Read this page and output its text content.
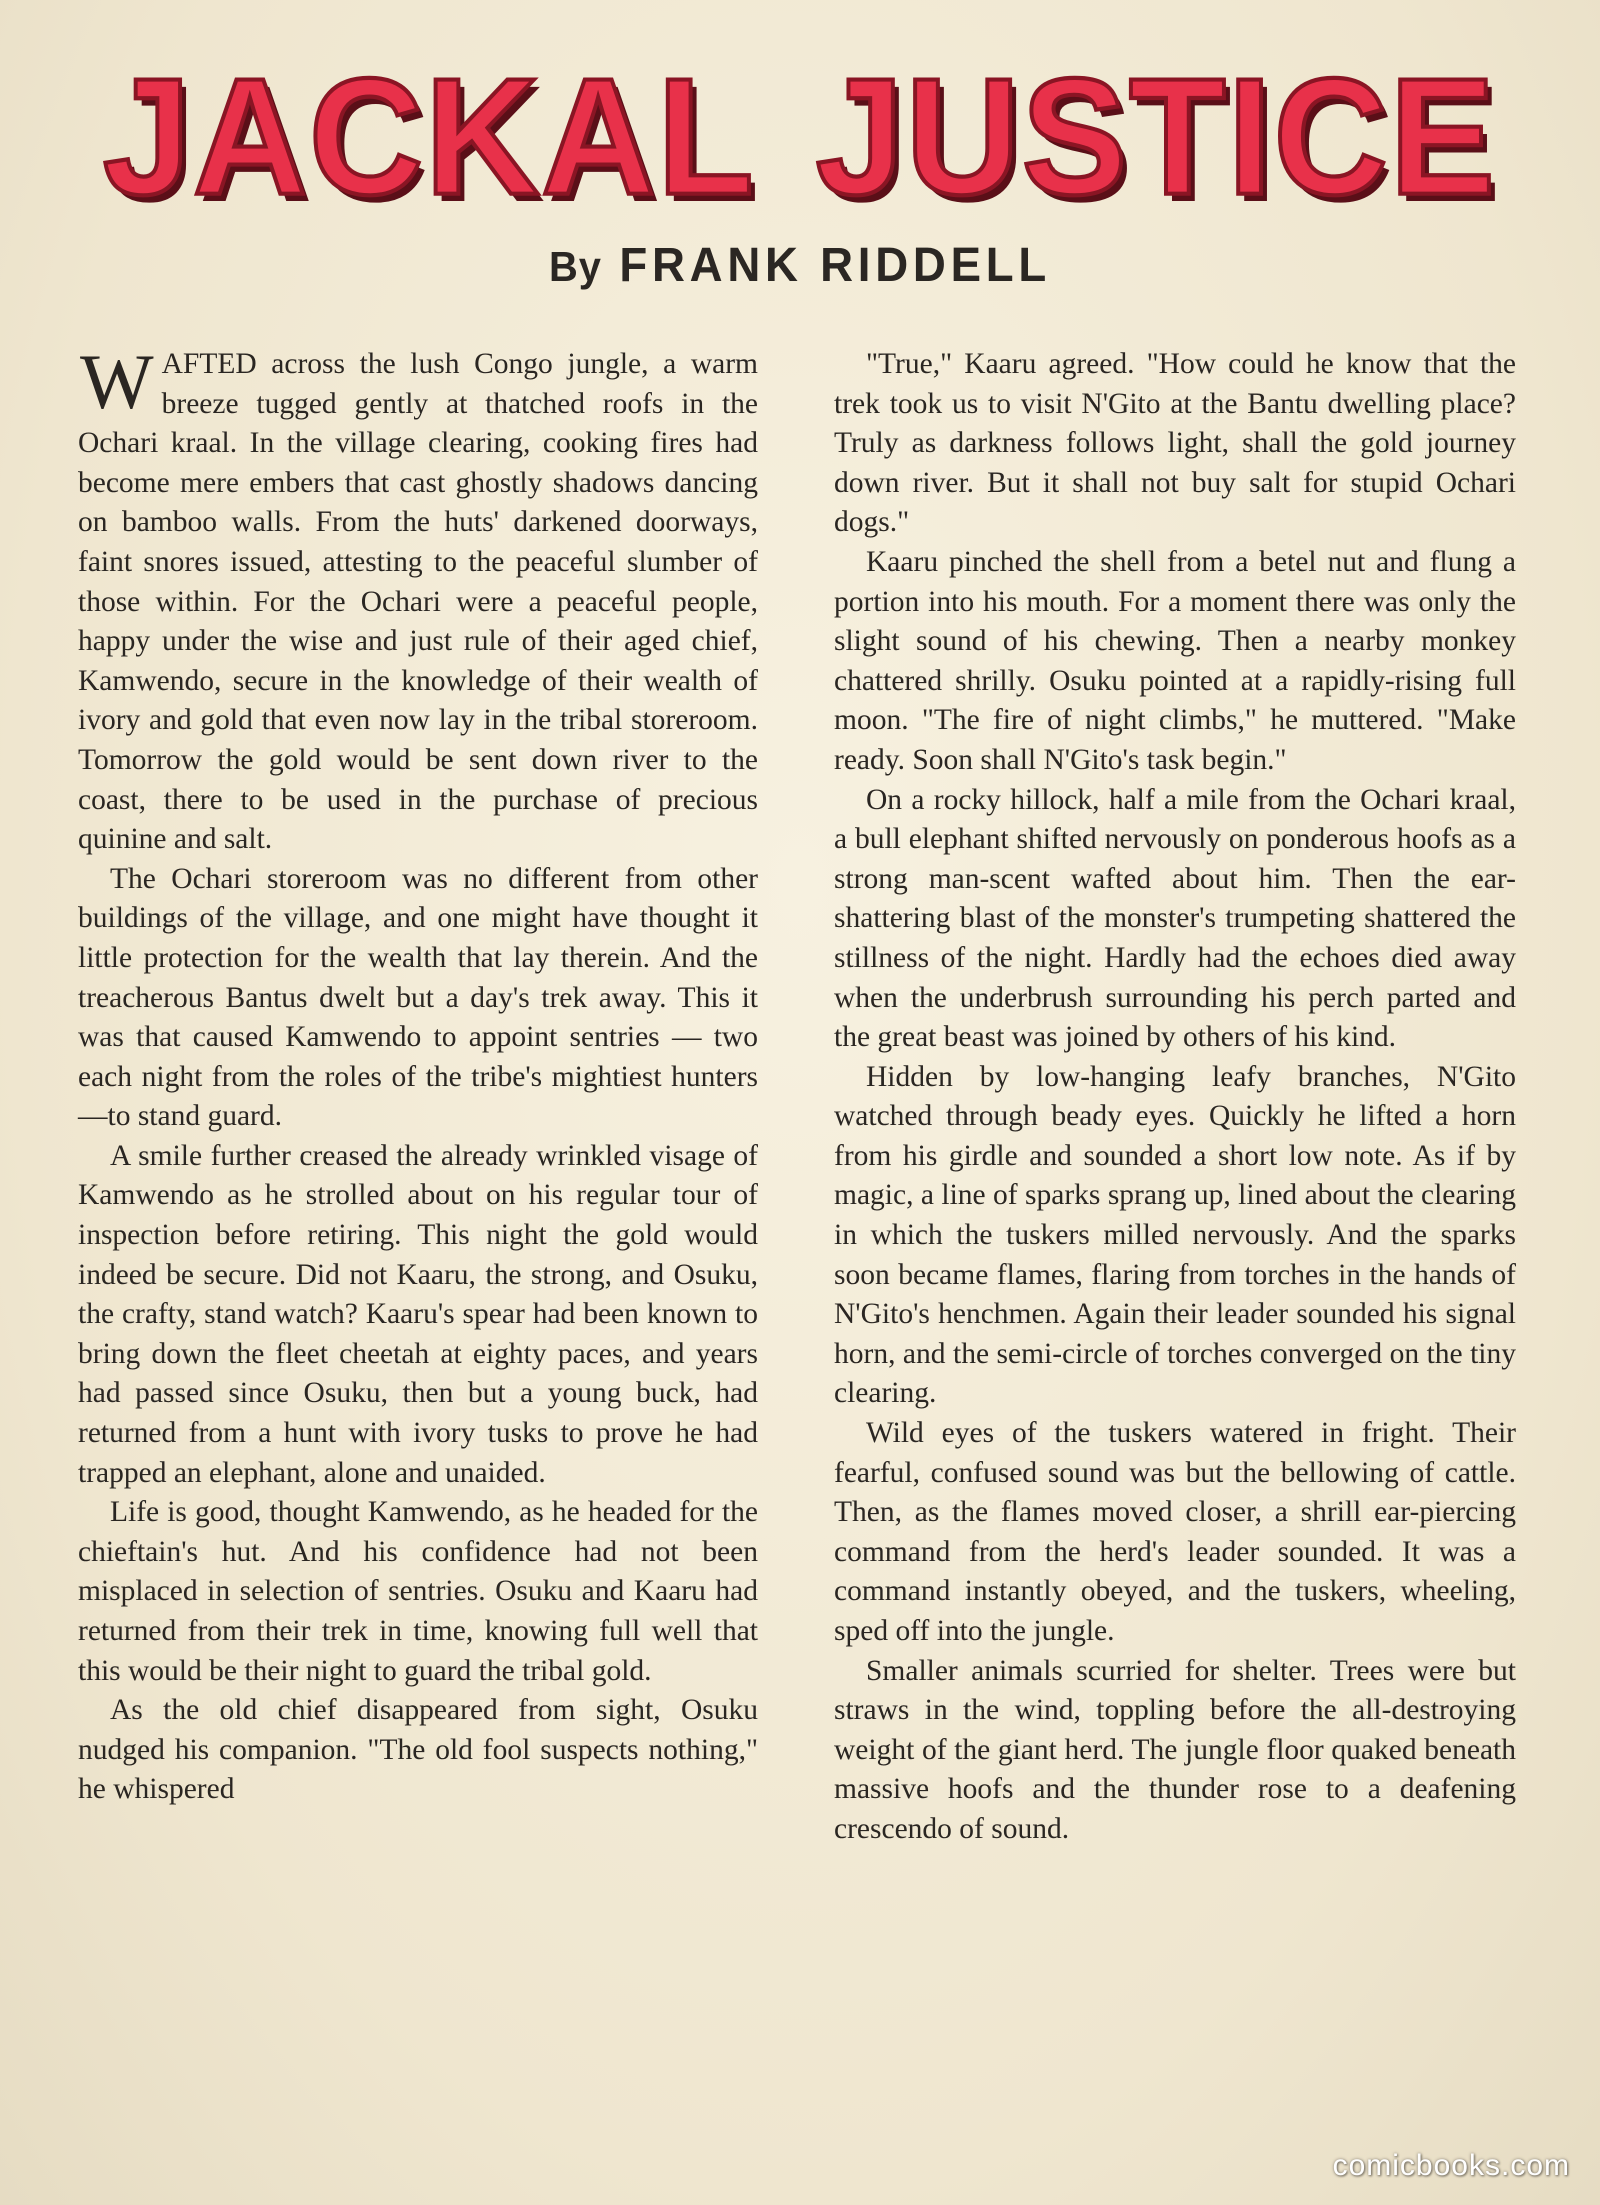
JACKAL JUSTICE
By FRANK RIDDELL

WAFTED across the lush Congo jungle, a warm breeze tugged gently at thatched roofs in the Ochari kraal. In the village clearing, cooking fires had become mere embers that cast ghostly shadows dancing on bamboo walls. From the huts' darkened doorways, faint snores issued, attesting to the peaceful slumber of those within. For the Ochari were a peaceful people, happy under the wise and just rule of their aged chief, Kamwendo, secure in the knowledge of their wealth of ivory and gold that even now lay in the tribal storeroom. Tomorrow the gold would be sent down river to the coast, there to be used in the purchase of precious quinine and salt.

The Ochari storeroom was no different from other buildings of the village, and one might have thought it little protection for the wealth that lay therein. And the treacherous Bantus dwelt but a day's trek away. This it was that caused Kamwendo to appoint sentries — two each night from the roles of the tribe's mightiest hunters—to stand guard.

A smile further creased the already wrinkled visage of Kamwendo as he strolled about on his regular tour of inspection before retiring. This night the gold would indeed be secure. Did not Kaaru, the strong, and Osuku, the crafty, stand watch? Kaaru's spear had been known to bring down the fleet cheetah at eighty paces, and years had passed since Osuku, then but a young buck, had returned from a hunt with ivory tusks to prove he had trapped an elephant, alone and unaided.

Life is good, thought Kamwendo, as he headed for the chieftain's hut. And his confidence had not been misplaced in selection of sentries. Osuku and Kaaru had returned from their trek in time, knowing full well that this would be their night to guard the tribal gold.

As the old chief disappeared from sight, Osuku nudged his companion. "The old fool suspects nothing," he whispered

"True," Kaaru agreed. "How could he know that the trek took us to visit N'Gito at the Bantu dwelling place? Truly as darkness follows light, shall the gold journey down river. But it shall not buy salt for stupid Ochari dogs."

Kaaru pinched the shell from a betel nut and flung a portion into his mouth. For a moment there was only the slight sound of his chewing. Then a nearby monkey chattered shrilly. Osuku pointed at a rapidly-rising full moon. "The fire of night climbs," he muttered. "Make ready. Soon shall N'Gito's task begin."

On a rocky hillock, half a mile from the Ochari kraal, a bull elephant shifted nervously on ponderous hoofs as a strong man-scent wafted about him. Then the ear-shattering blast of the monster's trumpeting shattered the stillness of the night. Hardly had the echoes died away when the underbrush surrounding his perch parted and the great beast was joined by others of his kind.

Hidden by low-hanging leafy branches, N'Gito watched through beady eyes. Quickly he lifted a horn from his girdle and sounded a short low note. As if by magic, a line of sparks sprang up, lined about the clearing in which the tuskers milled nervously. And the sparks soon became flames, flaring from torches in the hands of N'Gito's henchmen. Again their leader sounded his signal horn, and the semi-circle of torches converged on the tiny clearing.

Wild eyes of the tuskers watered in fright. Their fearful, confused sound was but the bellowing of cattle. Then, as the flames moved closer, a shrill ear-piercing command from the herd's leader sounded. It was a command instantly obeyed, and the tuskers, wheeling, sped off into the jungle.

Smaller animals scurried for shelter. Trees were but straws in the wind, toppling before the all-destroying weight of the giant herd. The jungle floor quaked beneath massive hoofs and the thunder rose to a deafening crescendo of sound.

comicbooks.com
